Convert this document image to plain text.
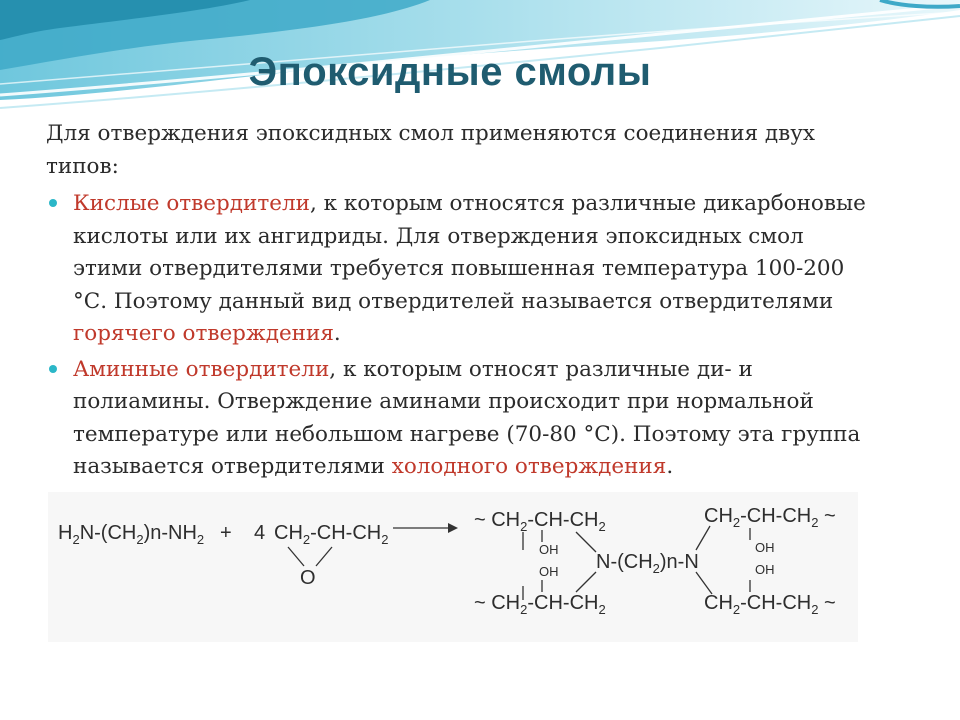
Эпоксидные смолы

Для отверждения эпоксидных смол применяются соединения двух типов:

Кислые отвердители, к которым относятся различные дикарбоновые кислоты или их ангидриды. Для отверждения эпоксидных смол этими отвердителями требуется повышенная температура 100-200 °С. Поэтому данный вид отвердителей называется отвердителями горячего отверждения.
Аминные отвердители, к которым относят различные ди- и полиамины. Отверждение аминами происходит при нормальной температуре или небольшом нагреве (70-80 °С). Поэтому эта группа называется отвердителями холодного отверждения.
$H_2N-(CH_2)n-NH_2 + 4$ $CH_2-CH-CH_2$
O
~ $CH_2-CH-CH_2$
OH
OH
~ $CH_2-CH-CH_2$
$N-(CH_2)n-N$
$CH_2-CH-CH_2$ ~
OH
OH
$CH_2-CH-CH_2$ ~
